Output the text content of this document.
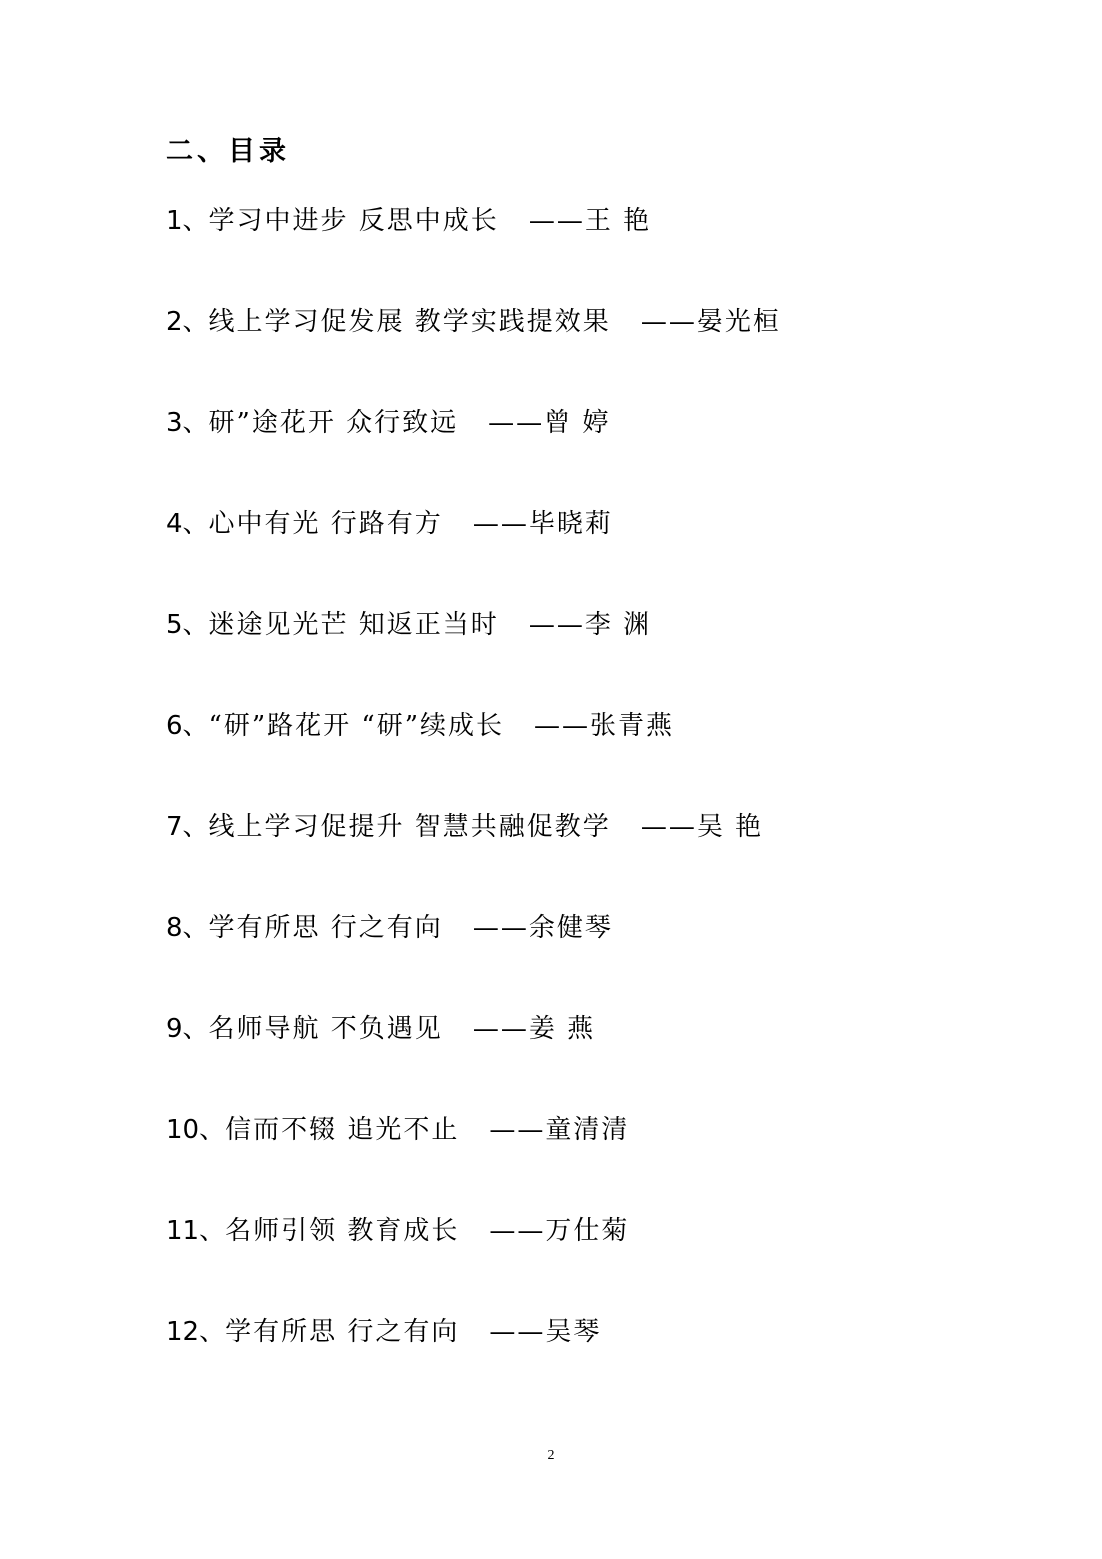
二、目录
1、学习中进步 反思中成长 ——王 艳
2、线上学习促发展 教学实践提效果 ——晏光桓
3、研”途花开 众行致远 ——曾 婷
4、心中有光 行路有方 ——毕晓莉
5、迷途见光芒 知返正当时 ——李 渊
6、“研”路花开 “研”续成长 ——张青燕
7、线上学习促提升 智慧共融促教学 ——吴 艳
8、学有所思 行之有向 ——余健琴
9、名师导航 不负遇见 ——姜 燕
10、信而不辍 追光不止 ——童清清
11、名师引领 教育成长 ——万仕菊
12、学有所思 行之有向 ——吴琴
2
